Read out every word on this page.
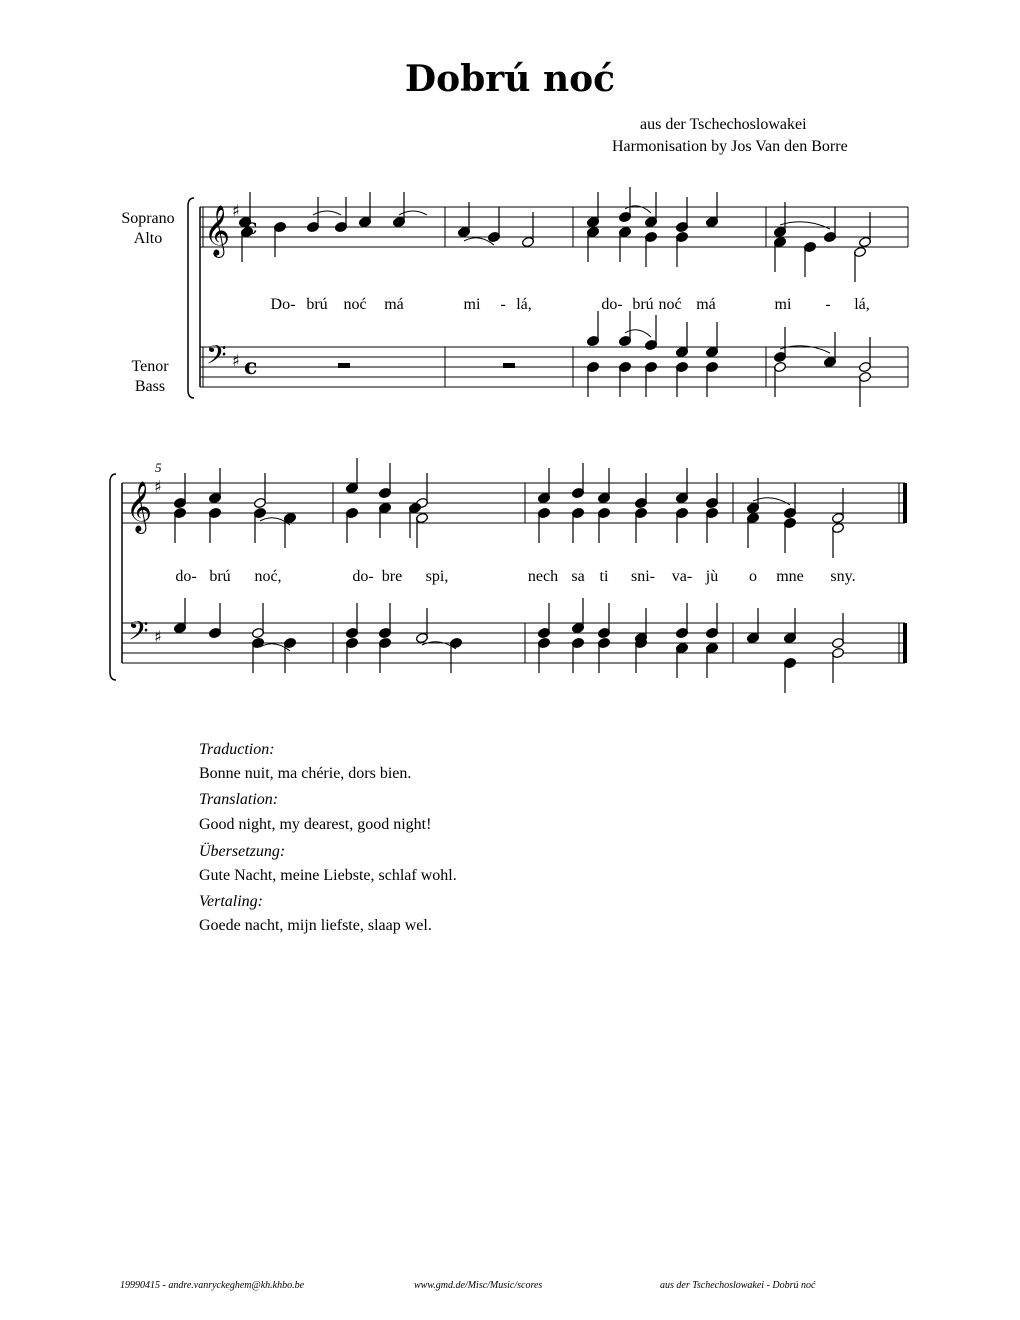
Dobrú noć
aus der Tschechoslowakei
Harmonisation by Jos Van den Borre
Soprano
Alto
Tenor
Bass
5
𝄞
𝄢
♯
♯
c
c
𝄞
𝄢
♯
♯
Do- brú noć má	mi - lá,	do- brú noć má	mi - lá,
do- brú noć,	do- bre spi,	nech sa ti sni- va- jù o mne sny.
Traduction:
Bonne nuit, ma chérie, dors bien.
Translation:
Good night, my dearest, good night!
Übersetzung:
Gute Nacht, meine Liebste, schlaf wohl.
Vertaling:
Goede nacht, mijn liefste, slaap wel.
19990415 - andre.vanryckeghem@kh.khbo.be	www.gmd.de/Misc/Music/scores	aus der Tschechoslowakei - Dobrú noć
